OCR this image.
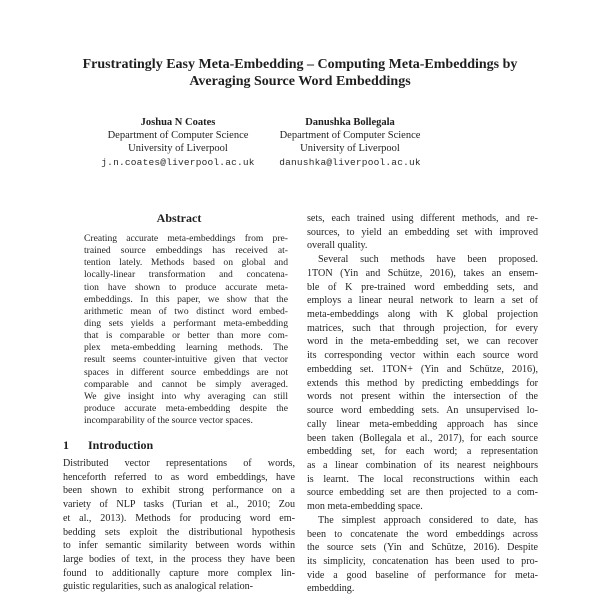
Frustratingly Easy Meta-Embedding – Computing Meta-Embeddings by
Averaging Source Word Embeddings
Joshua N Coates
Department of Computer Science
University of Liverpool
j.n.coates@liverpool.ac.uk
Danushka Bollegala
Department of Computer Science
University of Liverpool
danushka@liverpool.ac.uk
Abstract
Creating accurate meta-embeddings from pre-
trained source embeddings has received at-
tention lately. Methods based on global and
locally-linear transformation and concatena-
tion have shown to produce accurate meta-
embeddings. In this paper, we show that the
arithmetic mean of two distinct word embed-
ding sets yields a performant meta-embedding
that is comparable or better than more com-
plex meta-embedding learning methods. The
result seems counter-intuitive given that vector
spaces in different source embeddings are not
comparable and cannot be simply averaged.
We give insight into why averaging can still
produce accurate meta-embedding despite the
incomparability of the source vector spaces.
1 Introduction
Distributed vector representations of words,
henceforth referred to as word embeddings, have
been shown to exhibit strong performance on a
variety of NLP tasks (Turian et al., 2010; Zou
et al., 2013). Methods for producing word em-
bedding sets exploit the distributional hypothesis
to infer semantic similarity between words within
large bodies of text, in the process they have been
found to additionally capture more complex lin-
guistic regularities, such as analogical relation-
sets, each trained using different methods, and re-
sources, to yield an embedding set with improved
overall quality.
Several such methods have been proposed.
1TON (Yin and Schütze, 2016), takes an ensem-
ble of K pre-trained word embedding sets, and
employs a linear neural network to learn a set of
meta-embeddings along with K global projection
matrices, such that through projection, for every
word in the meta-embedding set, we can recover
its corresponding vector within each source word
embedding set. 1TON+ (Yin and Schütze, 2016),
extends this method by predicting embeddings for
words not present within the intersection of the
source word embedding sets. An unsupervised lo-
cally linear meta-embedding approach has since
been taken (Bollegala et al., 2017), for each source
embedding set, for each word; a representation
as a linear combination of its nearest neighbours
is learnt. The local reconstructions within each
source embedding set are then projected to a com-
mon meta-embedding space.
The simplest approach considered to date, has
been to concatenate the word embeddings across
the source sets (Yin and Schütze, 2016). Despite
its simplicity, concatenation has been used to pro-
vide a good baseline of performance for meta-
embedding.
